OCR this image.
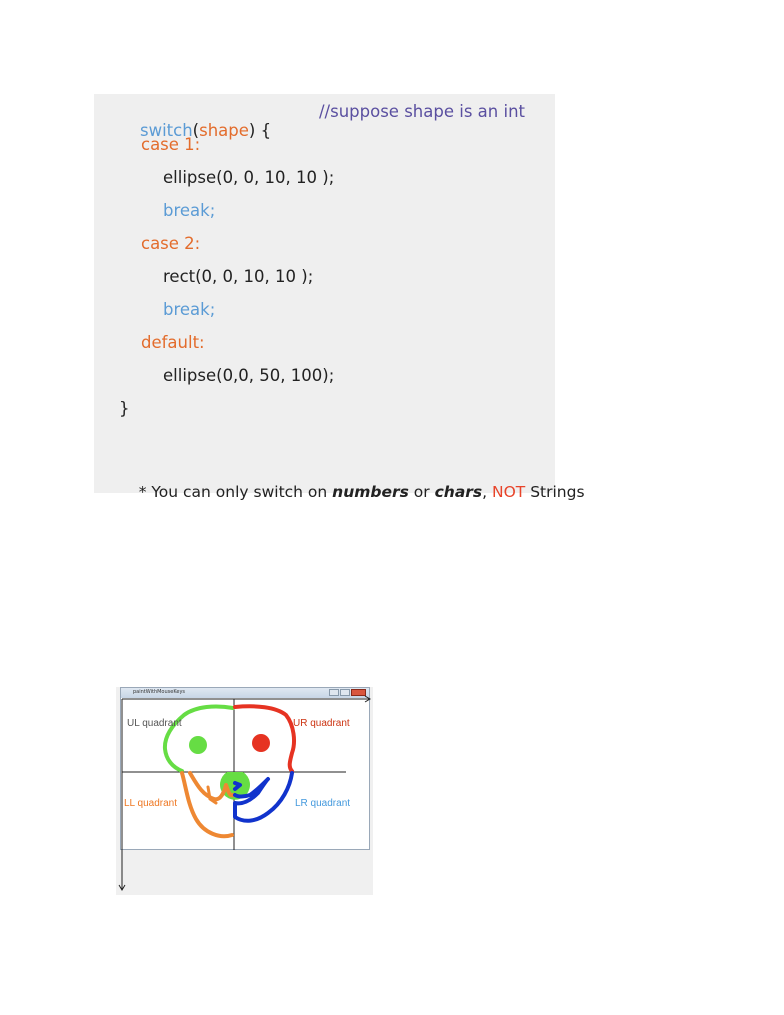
switch(shape) {

//suppose shape is an int
case 1:
ellipse(0, 0, 10, 10 );
break;
case 2:
rect(0, 0, 10, 10 );
break;
default:
ellipse(0,0, 50, 100);
}

* You can only switch on numbers or chars, NOT Strings

paintWithMouseKeys
UL quadrant	UR quadrant
LL quadrant	LR quadrant
